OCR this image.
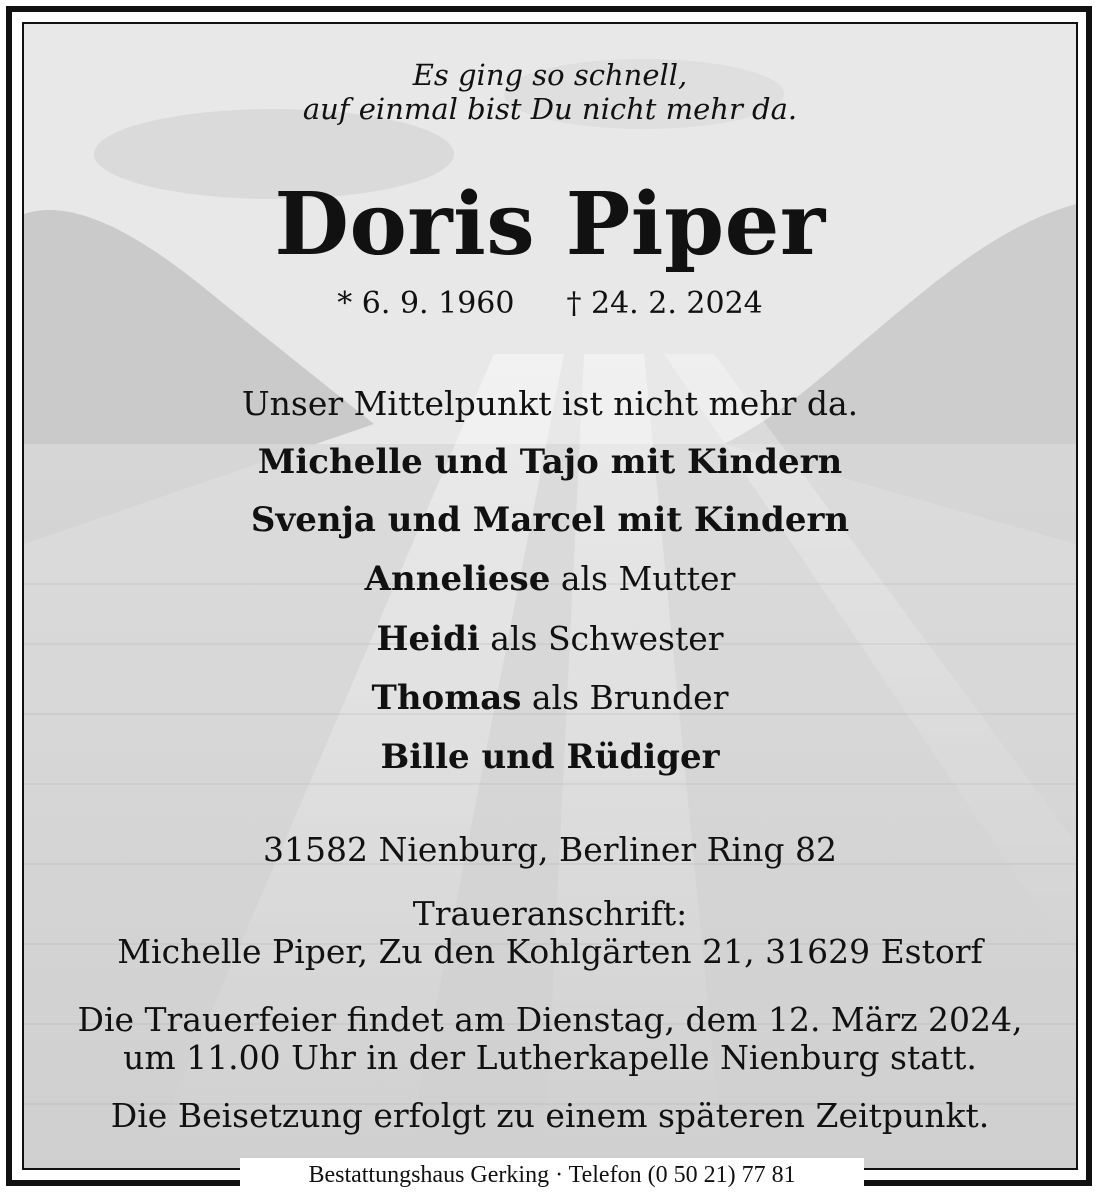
Es ging so schnell,
auf einmal bist Du nicht mehr da.
Doris Piper
* 6. 9. 1960 † 24. 2. 2024
Unser Mittelpunkt ist nicht mehr da.
Michelle und Tajo mit Kindern
Svenja und Marcel mit Kindern
Anneliese als Mutter
Heidi als Schwester
Thomas als Brunder
Bille und Rüdiger
31582 Nienburg, Berliner Ring 82
Traueranschrift:
Michelle Piper, Zu den Kohlgärten 21, 31629 Estorf
Die Trauerfeier findet am Dienstag, dem 12. März 2024,
um 11.00 Uhr in der Lutherkapelle Nienburg statt.
Die Beisetzung erfolgt zu einem späteren Zeitpunkt.
Bestattungshaus Gerking · Telefon (0 50 21) 77 81
